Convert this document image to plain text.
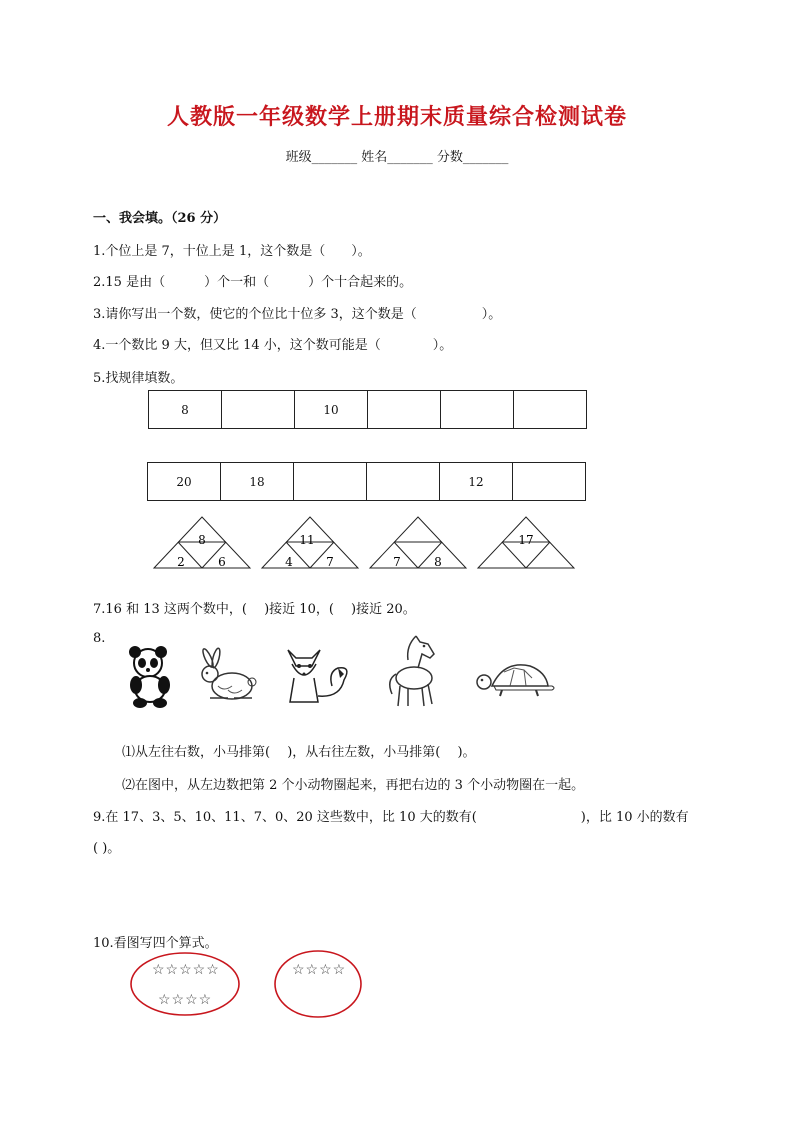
人教版一年级数学上册期末质量综合检测试卷
班级_______ 姓名_______ 分数_______
一、我会填。（26 分）
1.个位上是 7，十位上是 1，这个数是（　　）。
2.15 是由（　　　）个一和（　　　）个十合起来的。
3.请你写出一个数，使它的个位比十位多 3，这个数是（　　　　　）。
4.一个数比 9 大，但又比 14 小，这个数可能是（　　　　）。
5.找规律填数。
8		10			
20	18			12	
8
2	6
11
4	7	7	8
17
7.16 和 13 这两个数中，(　 )接近 10，(　 )接近 20。
8.
⑴从左往右数，小马排第(　 )，从右往左数，小马排第(　 )。
⑵在图中，从左边数把第 2 个小动物圈起来，再把右边的 3 个小动物圈在一起。
9.在 17、3、5、10、11、7、0、20 这些数中，比 10 大的数有(　　　　　　　　)，比 10 小的数有
( )。
10.看图写四个算式。
☆☆☆☆☆
☆☆☆☆
☆☆☆☆
